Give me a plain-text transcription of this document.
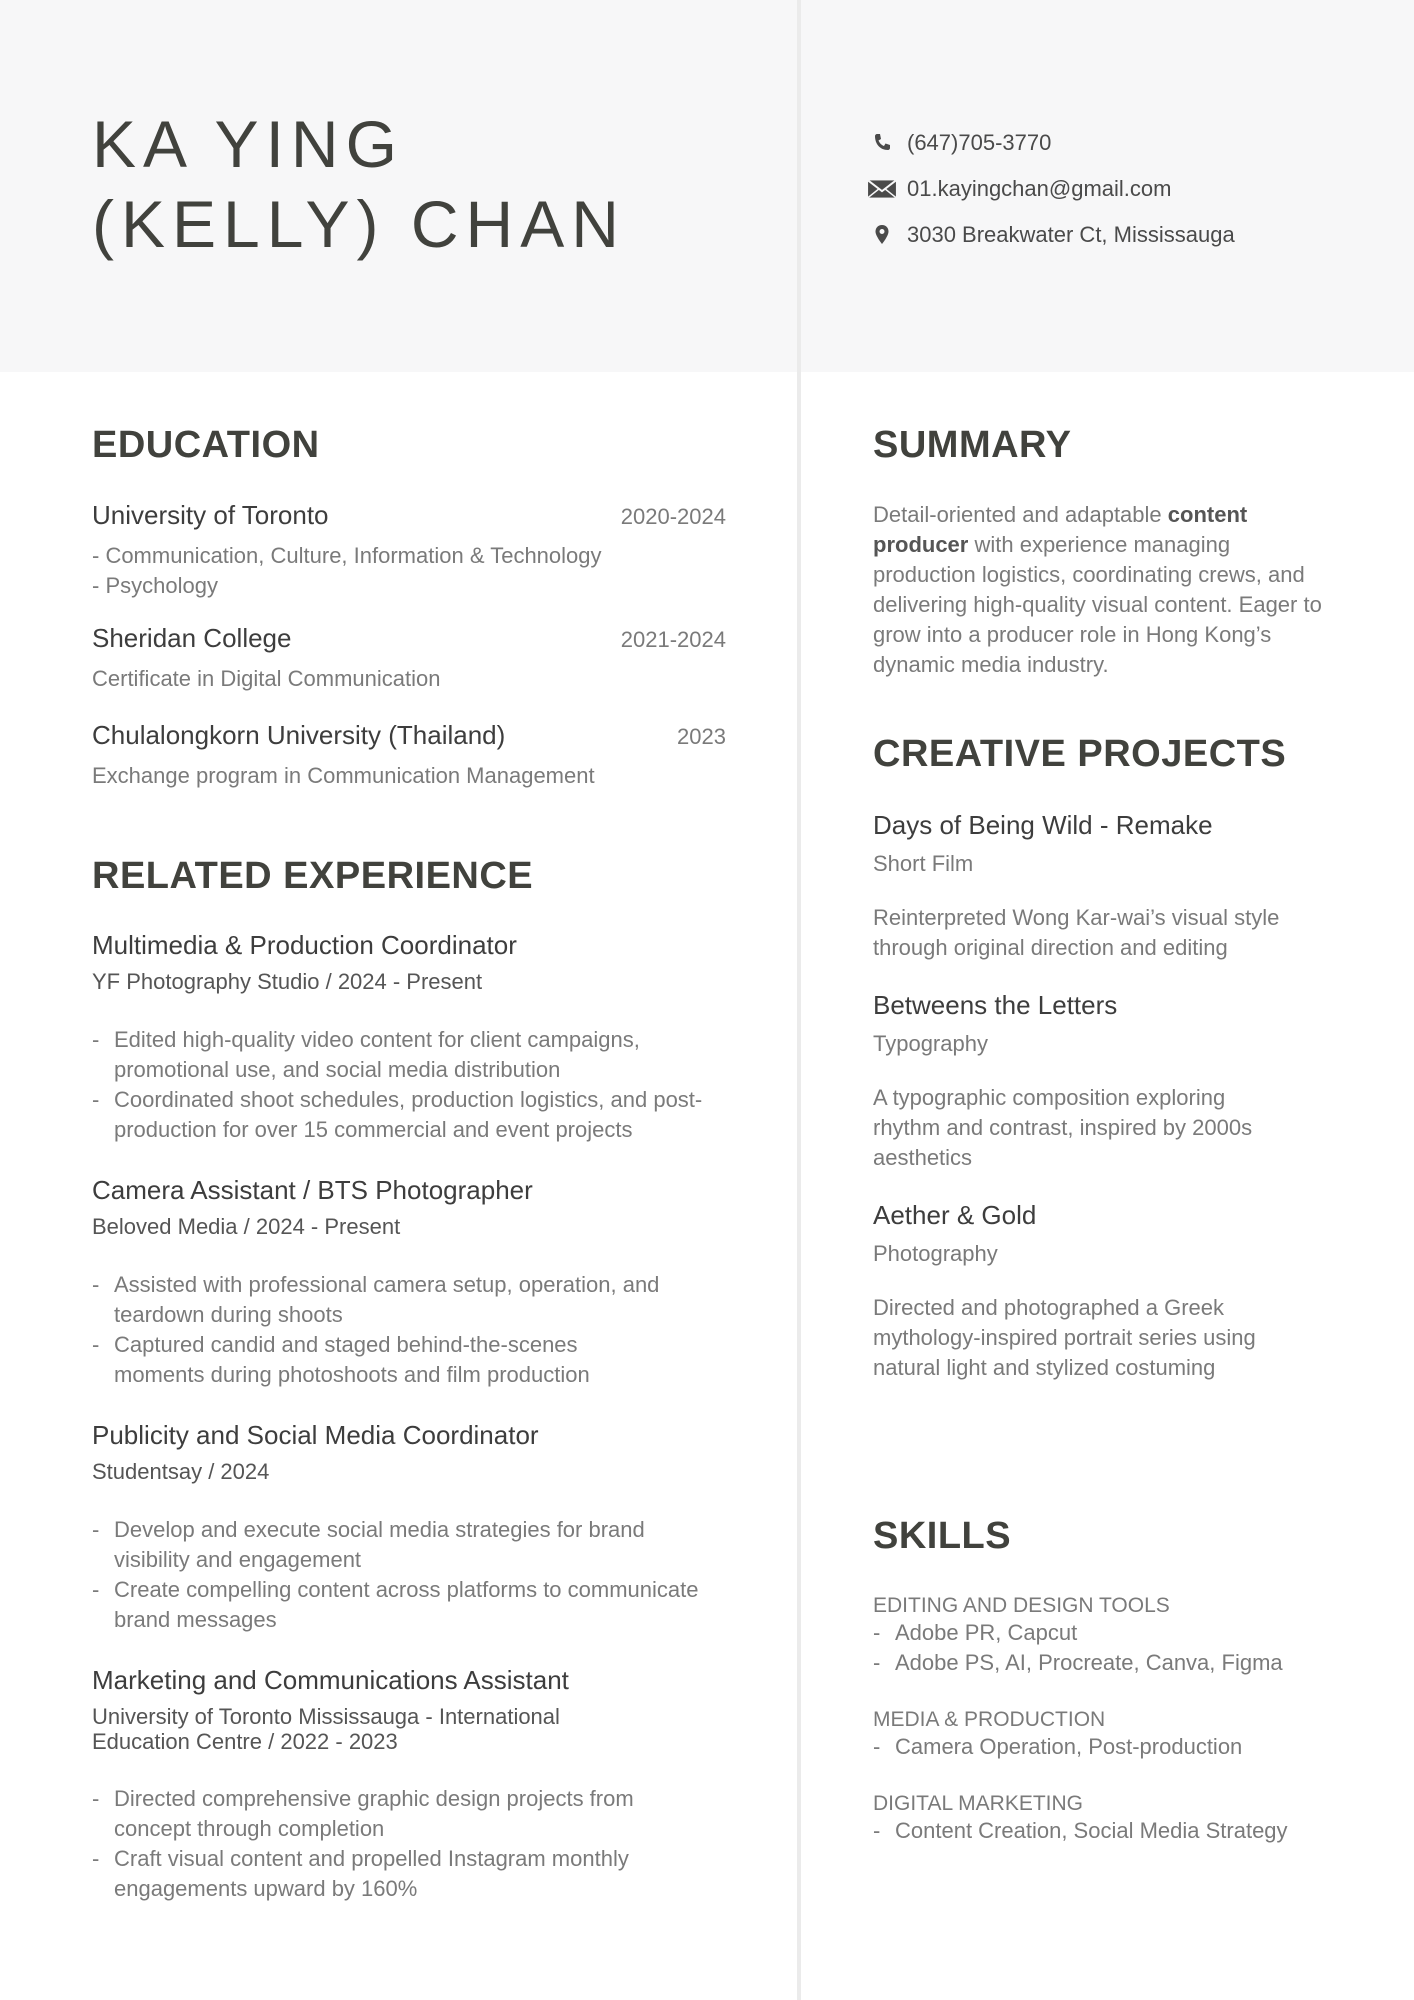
KA YING
(KELLY) CHAN
(647)705-3770
01.kayingchan@gmail.com
3030 Breakwater Ct, Mississauga
EDUCATION
University of Toronto	2020-2024
- Communication, Culture, Information & Technology
- Psychology
Sheridan College	2021-2024
Certificate in Digital Communication
Chulalongkorn University (Thailand)	2023
Exchange program in Communication Management
RELATED EXPERIENCE
Multimedia & Production Coordinator
YF Photography Studio / 2024 - Present
- Edited high-quality video content for client campaigns, promotional use, and social media distribution
- Coordinated shoot schedules, production logistics, and post-production for over 15 commercial and event projects
Camera Assistant / BTS Photographer
Beloved Media / 2024 - Present
- Assisted with professional camera setup, operation, and teardown during shoots
- Captured candid and staged behind-the-scenes moments during photoshoots and film production
Publicity and Social Media Coordinator
Studentsay / 2024
- Develop and execute social media strategies for brand visibility and engagement
- Create compelling content across platforms to communicate brand messages
Marketing and Communications Assistant
University of Toronto Mississauga - International Education Centre / 2022 - 2023
- Directed comprehensive graphic design projects from concept through completion
- Craft visual content and propelled Instagram monthly engagements upward by 160%
SUMMARY
Detail-oriented and adaptable content producer with experience managing production logistics, coordinating crews, and delivering high-quality visual content. Eager to grow into a producer role in Hong Kong’s dynamic media industry.
CREATIVE PROJECTS
Days of Being Wild - Remake
Short Film
Reinterpreted Wong Kar-wai’s visual style through original direction and editing
Betweens the Letters
Typography
A typographic composition exploring rhythm and contrast, inspired by 2000s aesthetics
Aether & Gold
Photography
Directed and photographed a Greek mythology-inspired portrait series using natural light and stylized costuming
SKILLS
EDITING AND DESIGN TOOLS
- Adobe PR, Capcut
- Adobe PS, AI, Procreate, Canva, Figma
MEDIA & PRODUCTION
- Camera Operation, Post-production
DIGITAL MARKETING
- Content Creation, Social Media Strategy
